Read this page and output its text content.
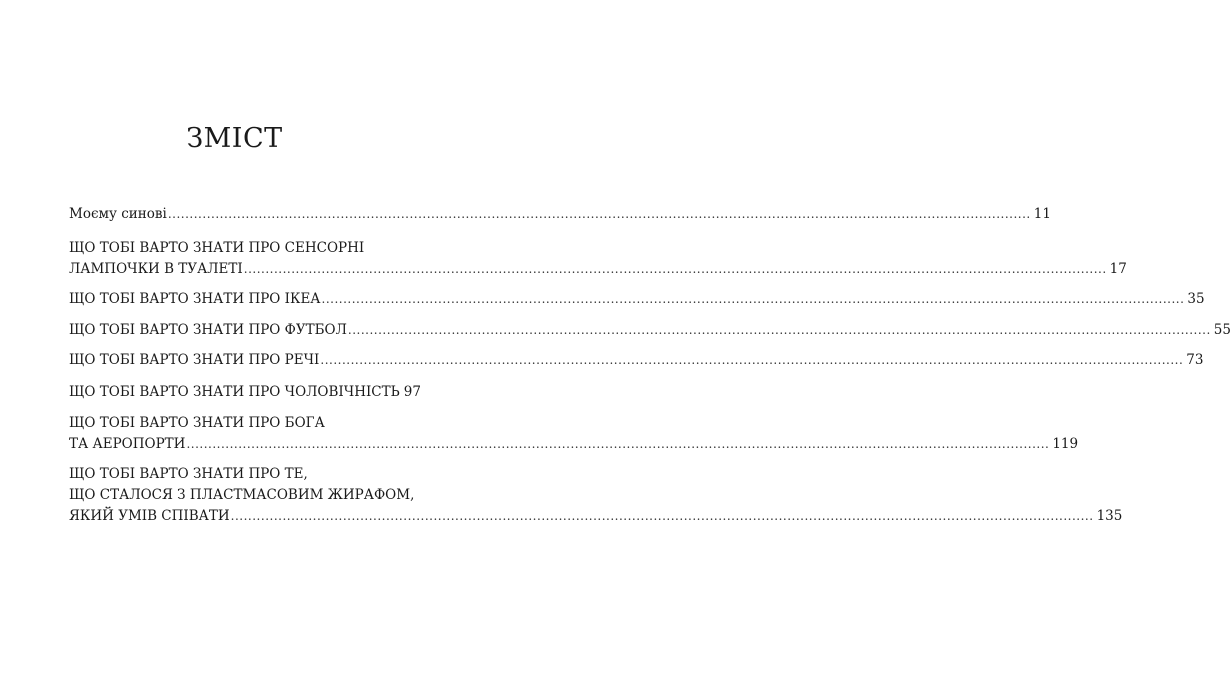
ЗМІСТ
Моєму синові ........................................................................................................................................................................................................ 11
ЩО ТОБІ ВАРТО ЗНАТИ ПРО СЕНСОРНІ
ЛАМПОЧКИ В ТУАЛЕТІ ........................................................................................................................................................................................................ 17
ЩО ТОБІ ВАРТО ЗНАТИ ПРО ІКЕА ........................................................................................................................................................................................................ 35
ЩО ТОБІ ВАРТО ЗНАТИ ПРО ФУТБОЛ ........................................................................................................................................................................................................ 55
ЩО ТОБІ ВАРТО ЗНАТИ ПРО РЕЧІ ........................................................................................................................................................................................................ 73
ЩО ТОБІ ВАРТО ЗНАТИ ПРО ЧОЛОВІЧНІСТЬ 97
ЩО ТОБІ ВАРТО ЗНАТИ ПРО БОГА
ТА АЕРОПОРТИ ........................................................................................................................................................................................................ 119
ЩО ТОБІ ВАРТО ЗНАТИ ПРО ТЕ,
ЩО СТАЛОСЯ З ПЛАСТМАСОВИМ ЖИРАФОМ,
ЯКИЙ УМІВ СПІВАТИ ........................................................................................................................................................................................................ 135
